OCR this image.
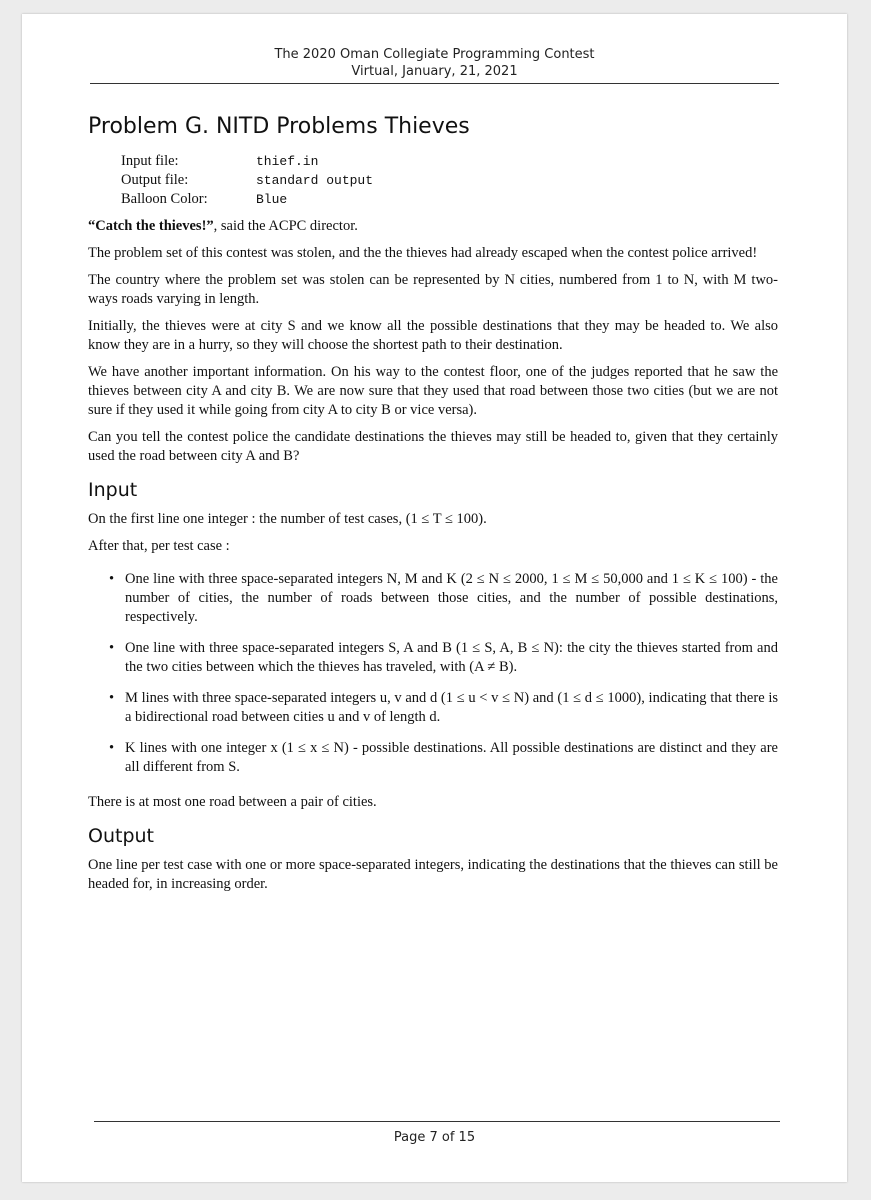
The 2020 Oman Collegiate Programming Contest
Virtual, January, 21, 2021
Problem G. NITD Problems Thieves
Input file:	thief.in
Output file:	standard output
Balloon Color:	Blue

“Catch the thieves!”, said the ACPC director.

The problem set of this contest was stolen, and the the thieves had already escaped when the contest police arrived!

The country where the problem set was stolen can be represented by N cities, numbered from 1 to N, with M two-ways roads varying in length.

Initially, the thieves were at city S and we know all the possible destinations that they may be headed to. We also know they are in a hurry, so they will choose the shortest path to their destination.

We have another important information. On his way to the contest floor, one of the judges reported that he saw the thieves between city A and city B. We are now sure that they used that road between those two cities (but we are not sure if they used it while going from city A to city B or vice versa).

Can you tell the contest police the candidate destinations the thieves may still be headed to, given that they certainly used the road between city A and B?

Input

On the first line one integer : the number of test cases, (1 ≤ T ≤ 100).

After that, per test case :

• One line with three space-separated integers N, M and K (2 ≤ N ≤ 2000, 1 ≤ M ≤ 50,000 and 1 ≤ K ≤ 100) - the number of cities, the number of roads between those cities, and the number of possible destinations, respectively.
• One line with three space-separated integers S, A and B (1 ≤ S, A, B ≤ N): the city the thieves started from and the two cities between which the thieves has traveled, with (A ≠ B).
• M lines with three space-separated integers u, v and d (1 ≤ u < v ≤ N) and (1 ≤ d ≤ 1000), indicating that there is a bidirectional road between cities u and v of length d.
• K lines with one integer x (1 ≤ x ≤ N) - possible destinations. All possible destinations are distinct and they are all different from S.

There is at most one road between a pair of cities.

Output

One line per test case with one or more space-separated integers, indicating the destinations that the thieves can still be headed for, in increasing order.

Page 7 of 15
